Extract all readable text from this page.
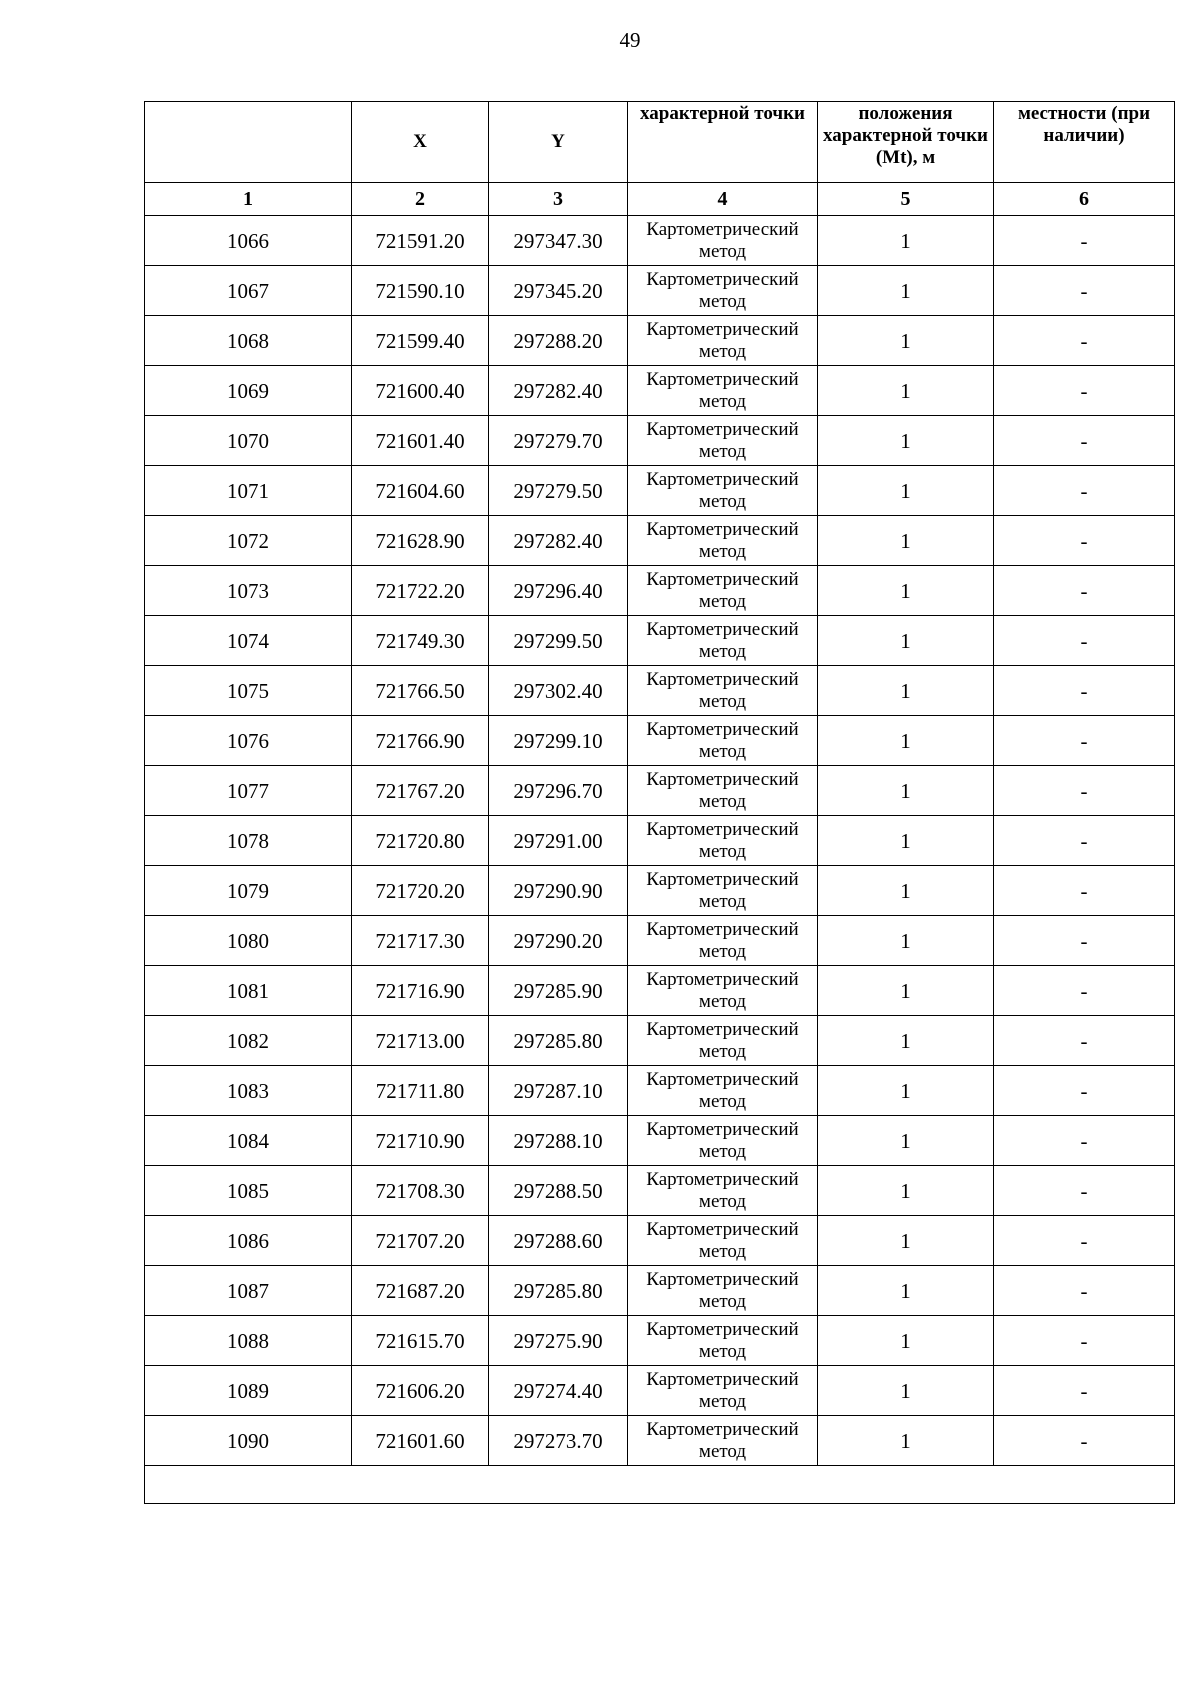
49
	X	Y	характерной точки	положения характерной точки (Mt), м	местности (при наличии)
1	2	3	4	5	6
1066	721591.20	297347.30	Картометрический метод	1	-
1067	721590.10	297345.20	Картометрический метод	1	-
1068	721599.40	297288.20	Картометрический метод	1	-
1069	721600.40	297282.40	Картометрический метод	1	-
1070	721601.40	297279.70	Картометрический метод	1	-
1071	721604.60	297279.50	Картометрический метод	1	-
1072	721628.90	297282.40	Картометрический метод	1	-
1073	721722.20	297296.40	Картометрический метод	1	-
1074	721749.30	297299.50	Картометрический метод	1	-
1075	721766.50	297302.40	Картометрический метод	1	-
1076	721766.90	297299.10	Картометрический метод	1	-
1077	721767.20	297296.70	Картометрический метод	1	-
1078	721720.80	297291.00	Картометрический метод	1	-
1079	721720.20	297290.90	Картометрический метод	1	-
1080	721717.30	297290.20	Картометрический метод	1	-
1081	721716.90	297285.90	Картометрический метод	1	-
1082	721713.00	297285.80	Картометрический метод	1	-
1083	721711.80	297287.10	Картометрический метод	1	-
1084	721710.90	297288.10	Картометрический метод	1	-
1085	721708.30	297288.50	Картометрический метод	1	-
1086	721707.20	297288.60	Картометрический метод	1	-
1087	721687.20	297285.80	Картометрический метод	1	-
1088	721615.70	297275.90	Картометрический метод	1	-
1089	721606.20	297274.40	Картометрический метод	1	-
1090	721601.60	297273.70	Картометрический метод	1	-
